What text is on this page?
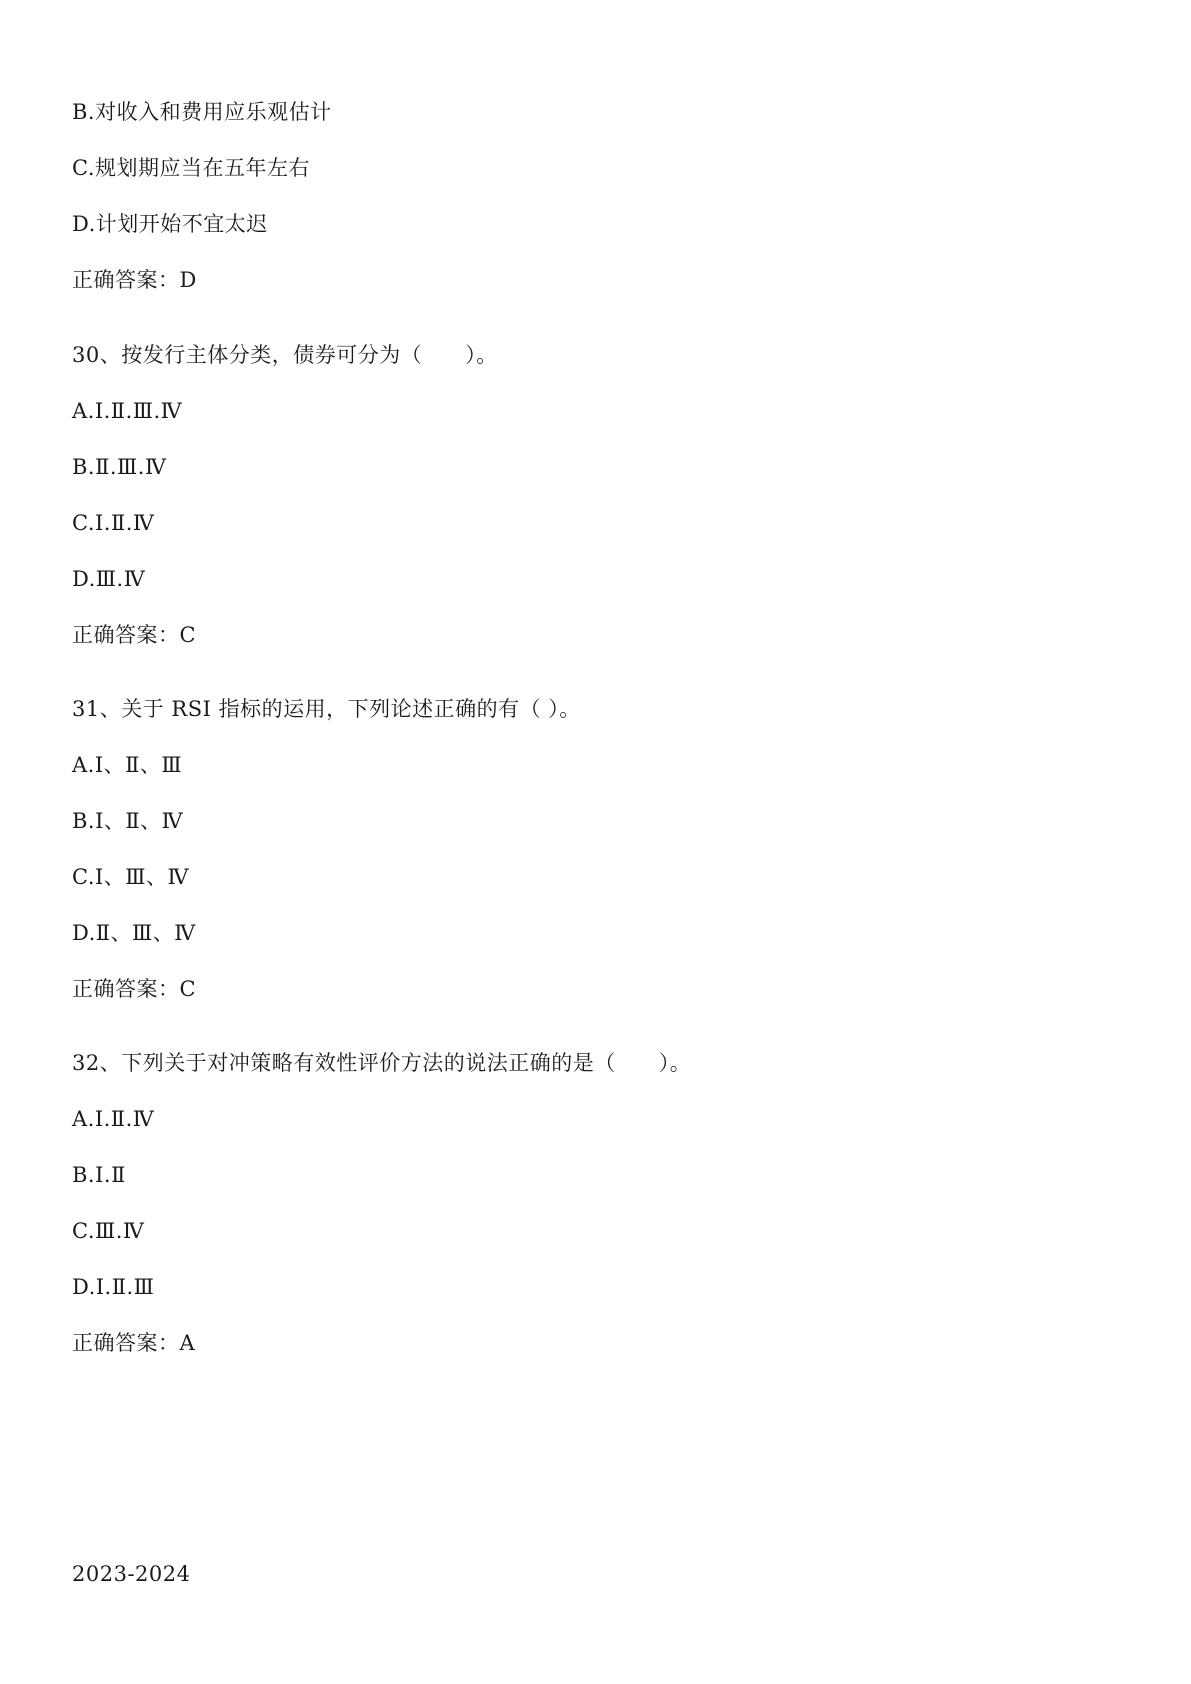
B.对收入和费用应乐观估计
C.规划期应当在五年左右
D.计划开始不宜太迟
正确答案：D
30、按发行主体分类，债券可分为（　　）。
A.Ⅰ.Ⅱ.Ⅲ.Ⅳ
B.Ⅱ.Ⅲ.Ⅳ
C.Ⅰ.Ⅱ.Ⅳ
D.Ⅲ.Ⅳ
正确答案：C
31、关于 RSI 指标的运用，下列论述正确的有（ ）。
A.Ⅰ、Ⅱ、Ⅲ
B.Ⅰ、Ⅱ、Ⅳ
C.Ⅰ、Ⅲ、Ⅳ
D.Ⅱ、Ⅲ、Ⅳ
正确答案：C
32、下列关于对冲策略有效性评价方法的说法正确的是（　　）。
A.Ⅰ.Ⅱ.Ⅳ
B.Ⅰ.Ⅱ
C.Ⅲ.Ⅳ
D.Ⅰ.Ⅱ.Ⅲ
正确答案：A
2023-2024
